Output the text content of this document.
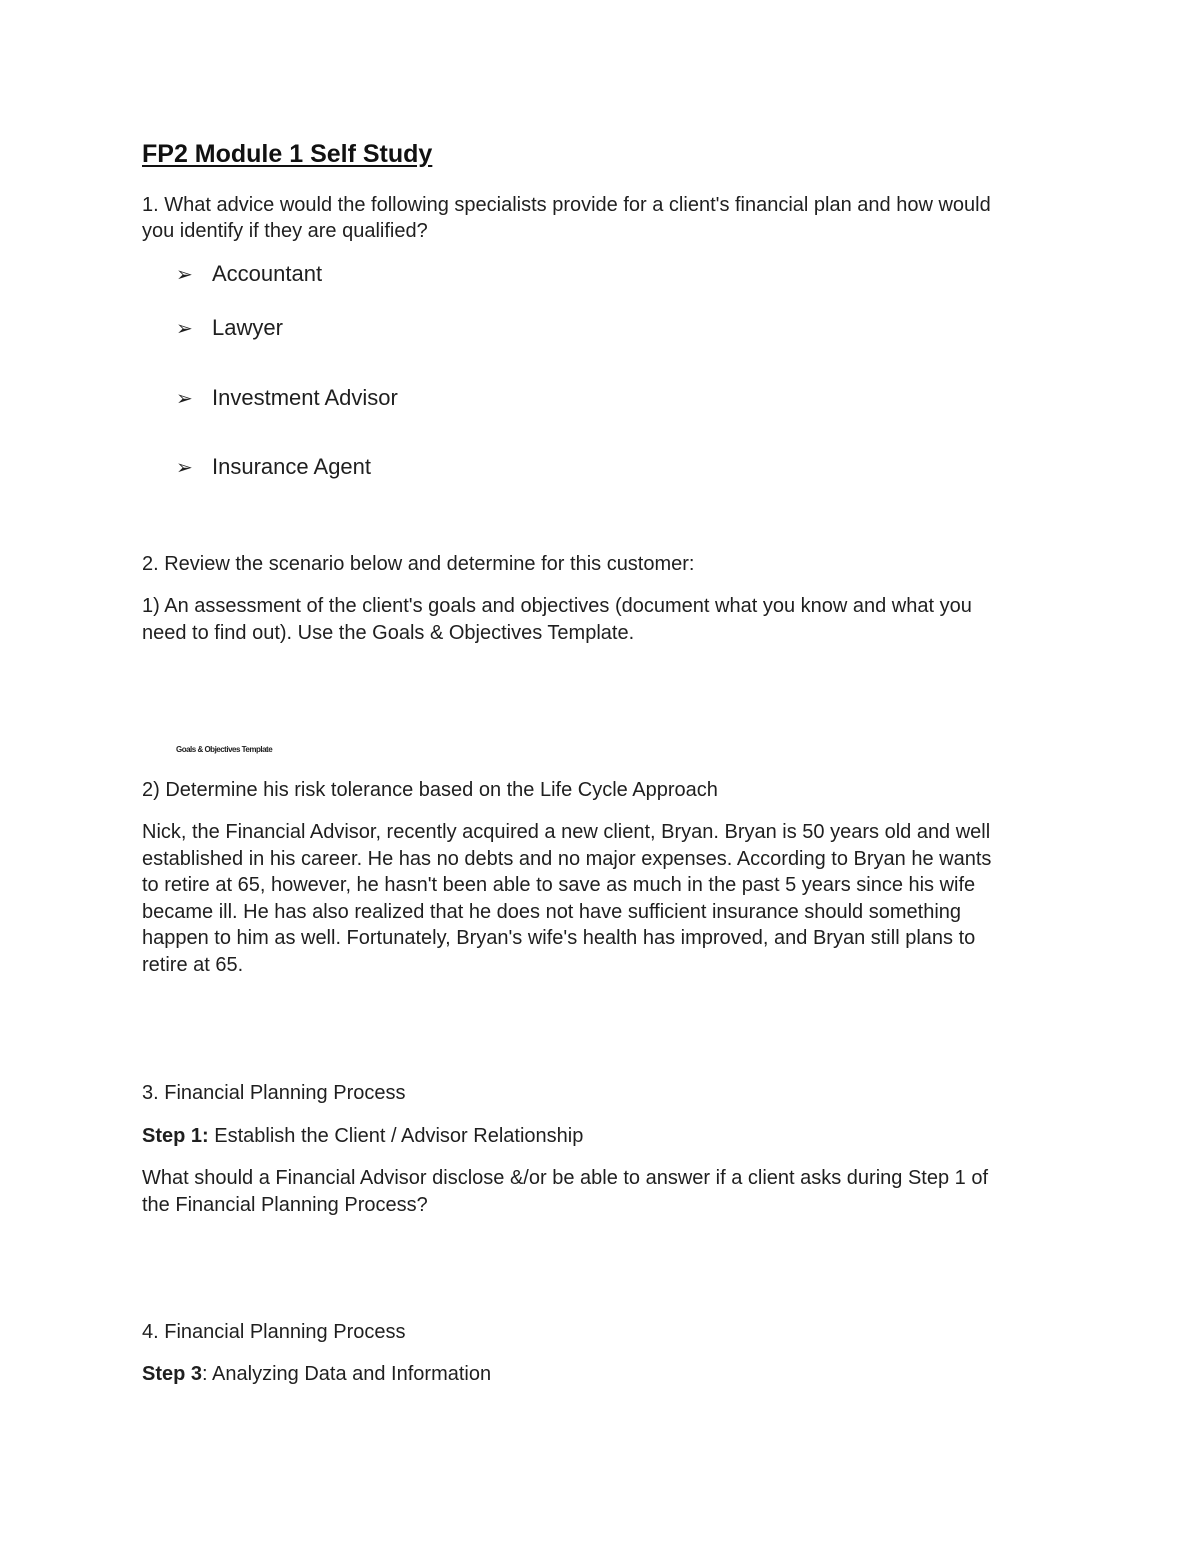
FP2 Module 1 Self Study

1. What advice would the following specialists provide for a client's financial plan and how would

you identify if they are qualified?

➢ Accountant
➢ Lawyer
➢ Investment Advisor
➢ Insurance Agent

2. Review the scenario below and determine for this customer:

1) An assessment of the client's goals and objectives (document what you know and what you

need to find out). Use the Goals & Objectives Template.

Goals & Objectives Template

2) Determine his risk tolerance based on the Life Cycle Approach

Nick, the Financial Advisor, recently acquired a new client, Bryan. Bryan is 50 years old and well

established in his career. He has no debts and no major expenses. According to Bryan he wants

to retire at 65, however, he hasn't been able to save as much in the past 5 years since his wife

became ill. He has also realized that he does not have sufficient insurance should something

happen to him as well. Fortunately, Bryan's wife's health has improved, and Bryan still plans to

retire at 65.

3. Financial Planning Process

Step 1: Establish the Client / Advisor Relationship

What should a Financial Advisor disclose &/or be able to answer if a client asks during Step 1 of

the Financial Planning Process?

4. Financial Planning Process

Step 3: Analyzing Data and Information
